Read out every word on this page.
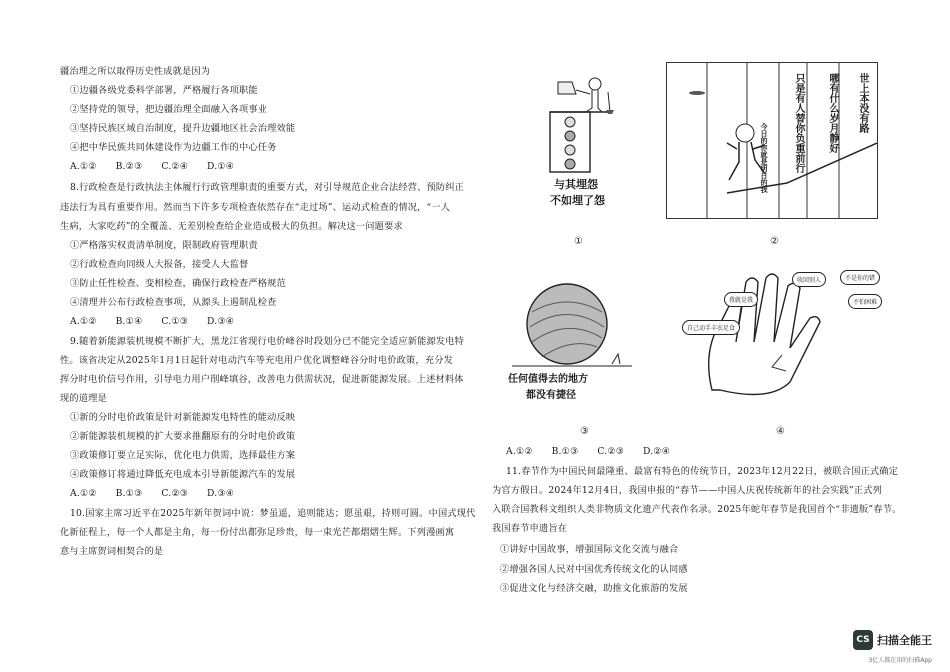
疆治理之所以取得历史性成就是因为
①边疆各级党委科学部署，严格履行各项职能
②坚持党的领导，把边疆治理全面融入各项事业
③坚持民族区域自治制度，提升边疆地区社会治理效能
④把中华民族共同体建设作为边疆工作的中心任务
A.①②　　B.②③　　C.②④　　D.①④
8.行政检查是行政执法主体履行行政管理职责的重要方式，对引导规范企业合法经营、预防纠正
违法行为具有重要作用。然而当下许多专项检查依然存在“走过场”、运动式检查的情况，“一人
生病，大家吃药”的全覆盖、无差别检查给企业造成极大的负担。解决这一问题要求
①严格落实权责清单制度，限制政府管理职责
②行政检查向同级人大报备，接受人大监督
③防止任性检查、变相检查，确保行政检查严格规范
④清理并公布行政检查事项，从源头上遏制乱检查
A.①②　　B.①④　　C.①③　　D.③④
9.随着新能源装机规模不断扩大，黑龙江省现行电价峰谷时段划分已不能完全适应新能源发电特
性。该省决定从2025年1月1日起针对电动汽车等充电用户优化调整峰谷分时电价政策，充分发
挥分时电价信号作用，引导电力用户削峰填谷，改善电力供需状况，促进新能源发展。上述材料体
现的道理是
①新的分时电价政策是针对新能源发电特性的能动反映
②新能源装机规模的扩大要求推翻原有的分时电价政策
③政策修订要立足实际，优化电力供需，选择最佳方案
④政策修订将通过降低充电成本引导新能源汽车的发展
A.①②　　B.①③　　C.②③　　D.③④
10.国家主席习近平在2025年新年贺词中说：梦虽遥，追则能达；愿虽艰，持则可圆。中国式现代
化新征程上，每一个人都是主角，每一份付出都弥足珍贵，每一束光芒都熠熠生辉。下列漫画寓
意与主席贺词相契合的是
与其埋怨
不如埋了怨
①
世上本没有路
哪有什么岁月静好
只是有人替你负重前行
今日的你就是明日的我
②
任何值得去的地方
都没有捷径
③
收回别人
我就是我
不是你的错
不怕困难
自己动手丰衣足食
④
A.①②　　B.①③　　C.②③　　D.②④
11.春节作为中国民间最隆重、最富有特色的传统节日，2023年12月22日，被联合国正式确定
为官方假日。2024年12月4日，我国申报的“春节——中国人庆祝传统新年的社会实践”正式列
入联合国教科文组织人类非物质文化遗产代表作名录。2025年蛇年春节是我国首个“非遗版”春节。
我国春节申遗旨在
①讲好中国故事，增强国际文化交流与融合
②增强各国人民对中国优秀传统文化的认同感
③促进文化与经济交融，助推文化旅游的发展
CS 扫描全能王
3亿人都在用的扫描App
